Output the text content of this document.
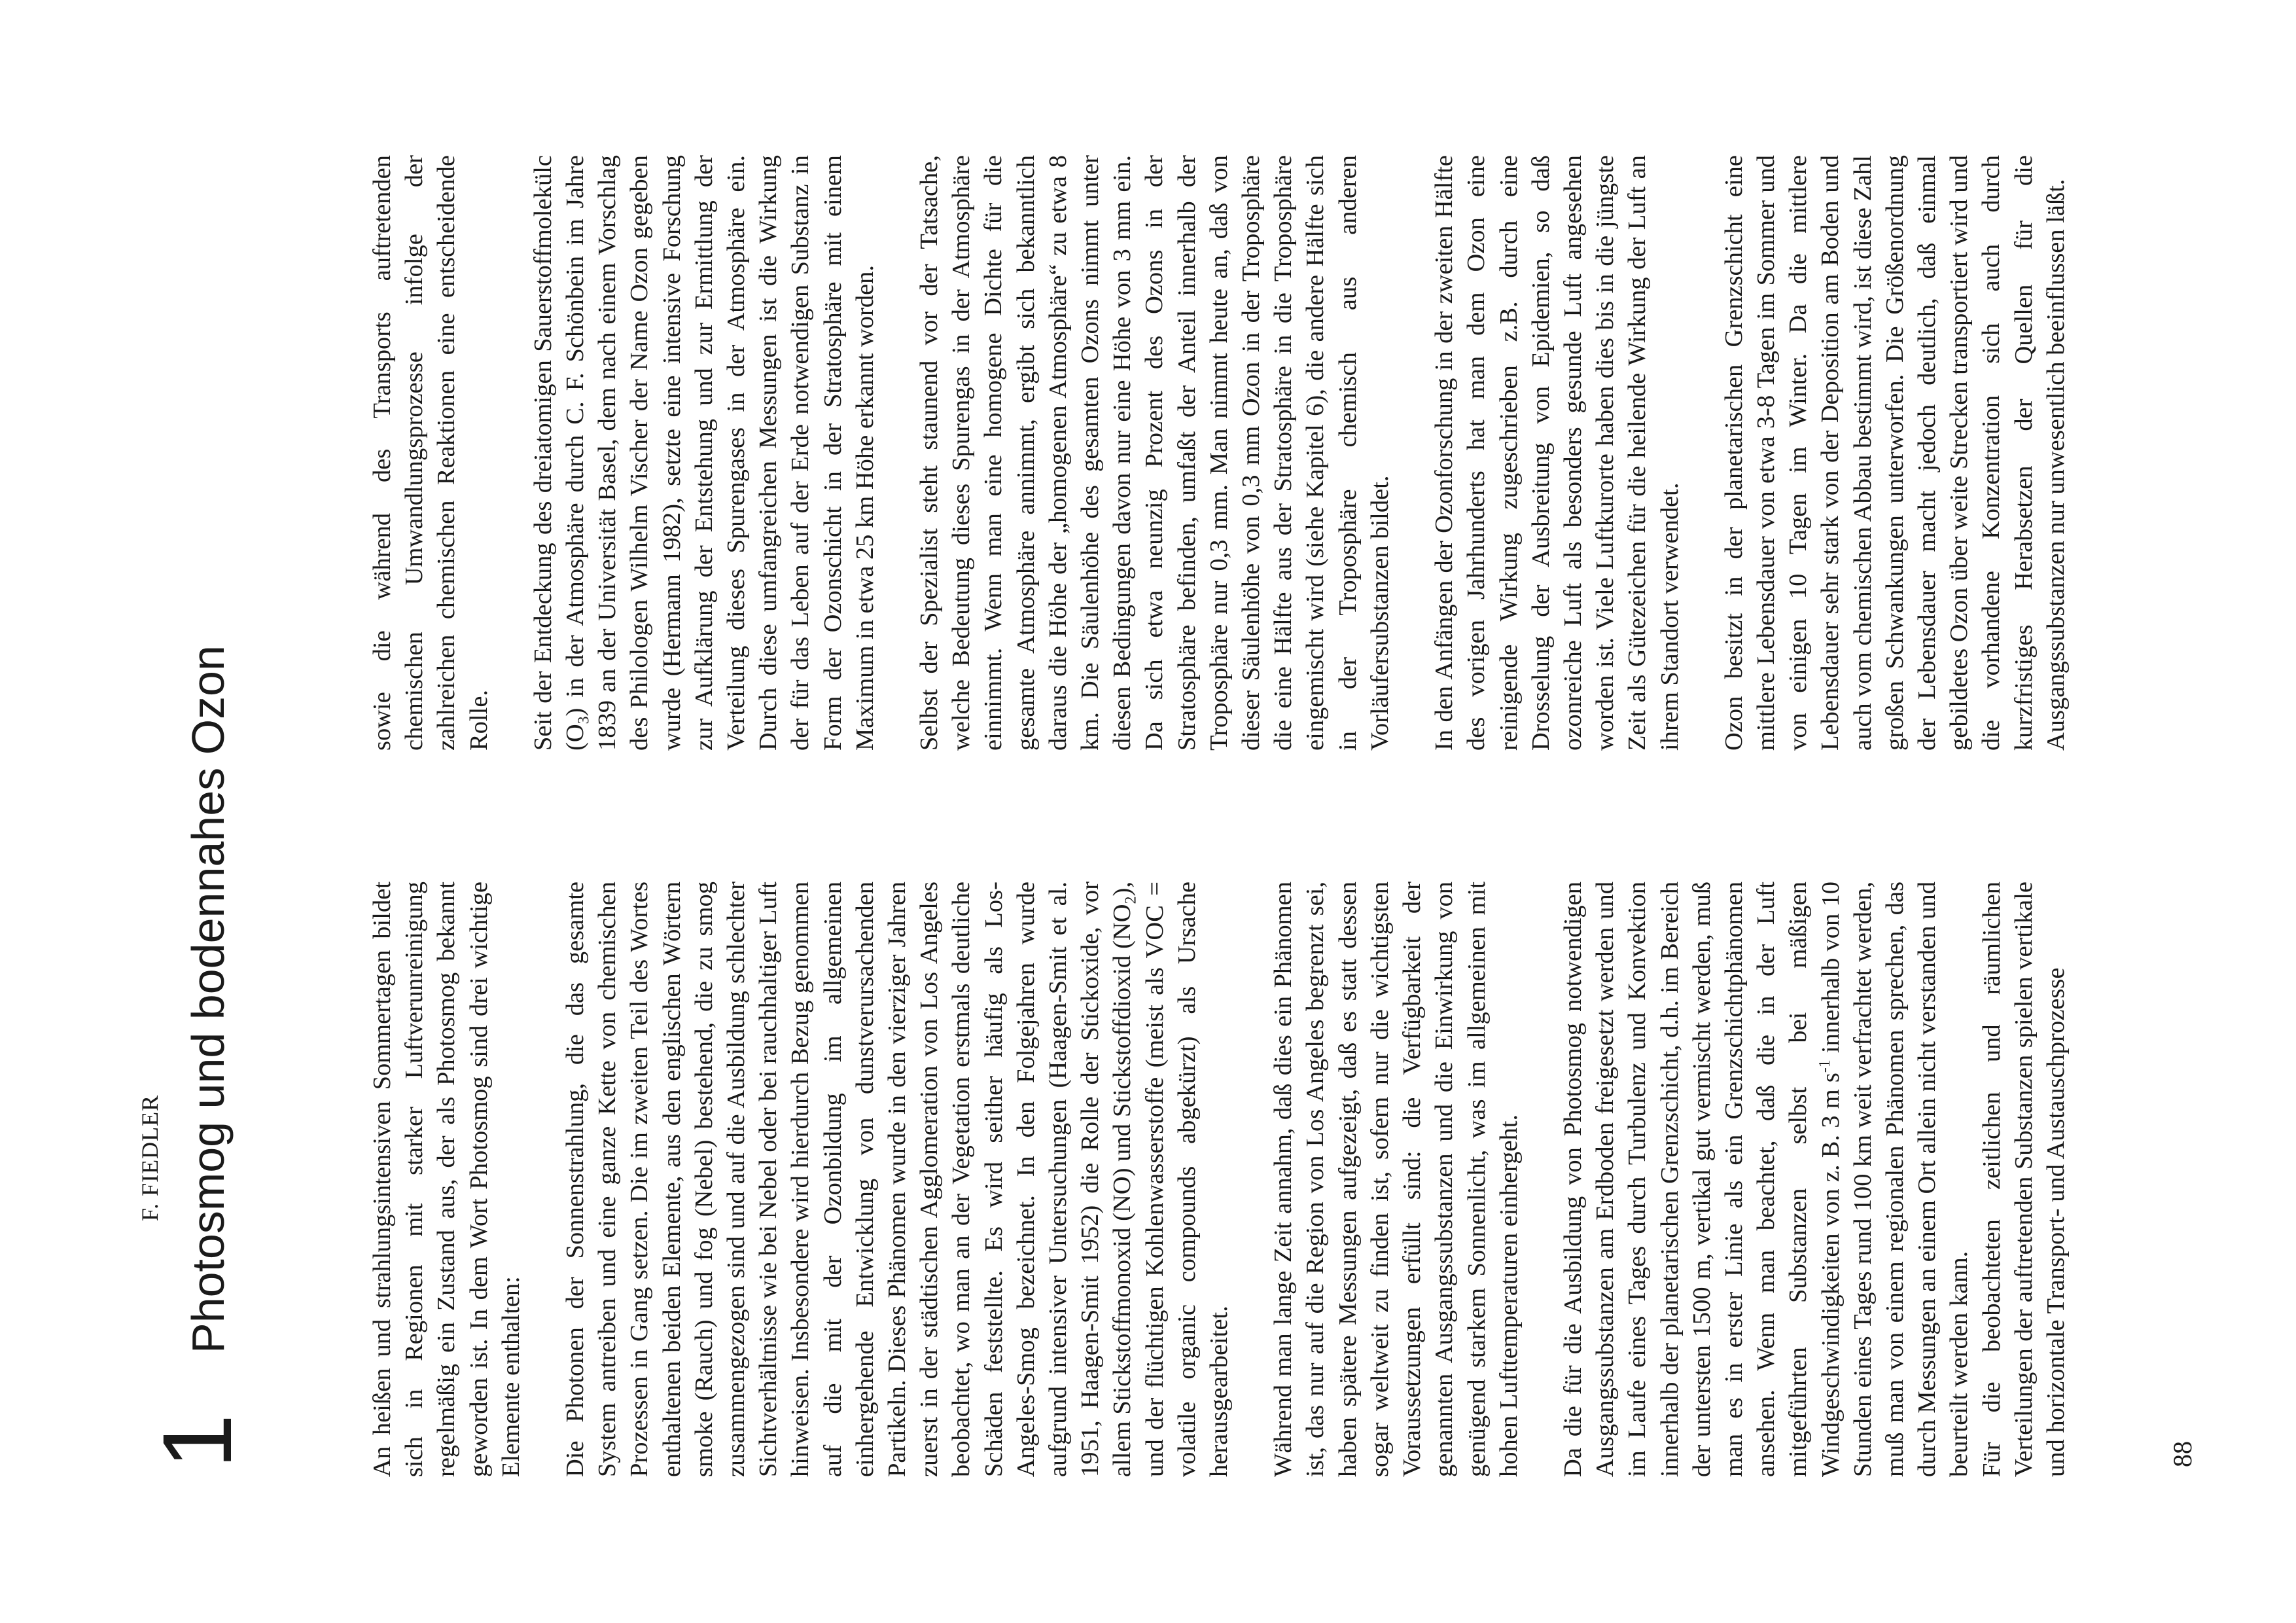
F. FIEDLER
1
Photosmog und bodennahes Ozon	An heißen und strahlungsintensiven Sommertagen bildet sich in Regionen mit starker Luftverunreinigung regelmäßig ein Zustand aus, der als Photosmog bekannt geworden ist. In dem Wort Photosmog sind drei wichtige Elemente enthalten: Die Photonen der Sonnenstrahlung, die das gesamte System antreiben und eine ganze Kette von chemischen Prozessen in Gang setzen. Die im zweiten Teil des Wortes enthaltenen beiden Elemente, aus den englischen Wörtern smoke (Rauch) und fog (Nebel) bestehend, die zu smog zusammengezogen sind und auf die Ausbildung schlechter Sichtverhältnisse wie bei Nebel oder bei rauchhaltiger Luft hinweisen. Insbesondere wird hierdurch Bezug genommen auf die mit der Ozonbildung im allgemeinen einhergehende Entwicklung von dunstverursachenden Partikeln. Dieses Phänomen wurde in den vierziger Jahren zuerst in der städtischen Agglomeration von Los Angeles beobachtet, wo man an der Vegetation erstmals deutliche Schäden feststellte. Es wird seither häufig als Los-Angeles-Smog bezeichnet. In den Folgejahren wurde aufgrund intensiver Untersuchungen (Haagen-Smit et al. 1951, Haagen-Smit 1952) die Rolle der Stickoxide, vor allem Stickstoffmonoxid (NO) und Stickstoffdioxid $(NO_2)$, und der flüchtigen Kohlenwasserstoffe (meist als VOC = volatile organic compounds abgekürzt) als Ursache herausgearbeitet. Während man lange Zeit annahm, daß dies ein Phänomen ist, das nur auf die Region von Los Angeles begrenzt sei, haben spätere Messungen aufgezeigt, daß es statt dessen sogar weltweit zu finden ist, sofern nur die wichtigsten Voraussetzungen erfüllt sind: die Verfügbarkeit der genannten Ausgangssubstanzen und die Einwirkung von genügend starkem Sonnenlicht, was im allgemeinen mit hohen Lufttemperaturen einhergeht. Da die für die Ausbildung von Photosmog notwendigen Ausgangssubstanzen am Erdboden freigesetzt werden und im Laufe eines Tages durch Turbulenz und Konvektion innerhalb der planetarischen Grenzschicht, d.h. im Bereich der untersten 1500 m, vertikal gut vermischt werden, muß man es in erster Linie als ein Grenzschichtphänomen ansehen. Wenn man beachtet, daß die in der Luft mitgeführten Substanzen selbst bei mäßigen Windgeschwindigkeiten von z. B. 3 m $s^{-1}$ innerhalb von 10 Stunden eines Tages rund 100 km weit verfrachtet werden, muß man von einem regionalen Phänomen sprechen, das durch Messungen an einem Ort allein nicht verstanden und beurteilt werden kann. Für die beobachteten zeitlichen und räumlichen Verteilungen der auftretenden Substanzen spielen vertikale und horizontale Transport- und Austauschprozesse

sowie die während des Transports auftretenden chemischen Umwandlungsprozesse infolge der zahlreichen chemischen Reaktionen eine entscheidende Rolle. Seit der Entdeckung des dreiatomigen Sauerstoffmolekülс $(O_3)$ in der Atmosphäre durch C. F. Schönbein im Jahre 1839 an der Universität Basel, dem nach einem Vorschlag des Philologen Wilhelm Vischer der Name Ozon gegeben wurde (Hermann 1982), setzte eine intensive Forschung zur Aufklärung der Entstehung und zur Ermittlung der Verteilung dieses Spurengases in der Atmosphäre ein. Durch diese umfangreichen Messungen ist die Wirkung der für das Leben auf der Erde notwendigen Substanz in Form der Ozonschicht in der Stratosphäre mit einem Maximum in etwa 25 km Höhe erkannt worden. Selbst der Spezialist steht staunend vor der Tatsache, welche Bedeutung dieses Spurengas in der Atmosphäre einnimmt. Wenn man eine homogene Dichte für die gesamte Atmosphäre annimmt, ergibt sich bekanntlich daraus die Höhe der „homogenen Atmosphäre“ zu etwa 8 km. Die Säulenhöhe des gesamten Ozons nimmt unter diesen Bedingungen davon nur eine Höhe von 3 mm ein. Da sich etwa neunzig Prozent des Ozons in der Stratosphäre befinden, umfaßt der Anteil innerhalb der Troposphäre nur 0,3 mm. Man nimmt heute an, daß von dieser Säulenhöhe von 0,3 mm Ozon in der Troposphäre die eine Hälfte aus der Stratosphäre in die Troposphäre eingemischt wird (siehe Kapitel 6), die andere Hälfte sich in der Troposphäre chemisch aus anderen Vorläufersubstanzen bildet. In den Anfängen der Ozonforschung in der zweiten Hälfte des vorigen Jahrhunderts hat man dem Ozon eine reinigende Wirkung zugeschrieben z.B. durch eine Drosselung der Ausbreitung von Epidemien, so daß ozonreiche Luft als besonders gesunde Luft angesehen worden ist. Viele Luftkurorte haben dies bis in die jüngste Zeit als Gütezeichen für die heilende Wirkung der Luft an ihrem Standort verwendet. Ozon besitzt in der planetarischen Grenzschicht eine mittlere Lebensdauer von etwa 3-8 Tagen im Sommer und von einigen 10 Tagen im Winter. Da die mittlere Lebensdauer sehr stark von der Deposition am Boden und auch vom chemischen Abbau bestimmt wird, ist diese Zahl großen Schwankungen unterworfen. Die Größenordnung der Lebensdauer macht jedoch deutlich, daß einmal gebildetes Ozon über weite Strecken transportiert wird und die vorhandene Konzentration sich auch durch kurzfristiges Herabsetzen der Quellen für die Ausgangssubstanzen nur unwesentlich beeinflussen läßt.

88
